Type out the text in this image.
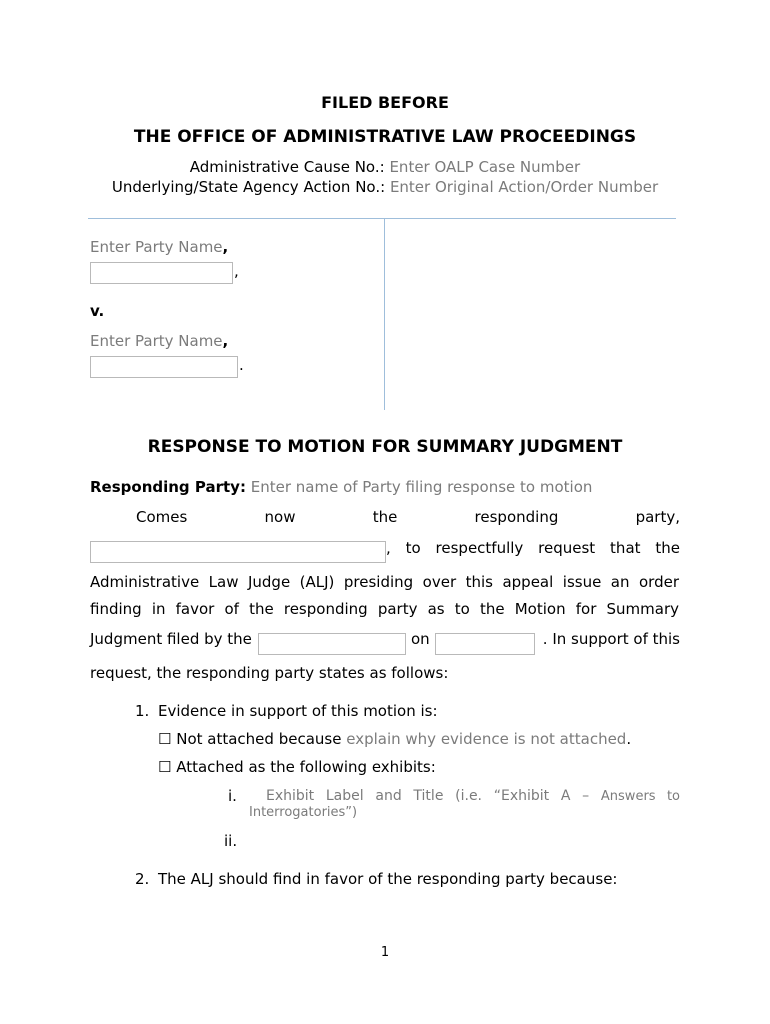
FILED BEFORE
THE OFFICE OF ADMINISTRATIVE LAW PROCEEDINGS
Administrative Cause No.: Enter OALP Case Number
Underlying/State Agency Action No.: Enter Original Action/Order Number
Enter Party Name,
,
v.
Enter Party Name,
.
RESPONSE TO MOTION FOR SUMMARY JUDGMENT
Responding Party: Enter name of Party filing response to motion
Comes	now	the	responding	party,
, to respectfully request that the
Administrative Law Judge (ALJ) presiding over this appeal issue an order
finding in favor of the responding party as to the Motion for Summary
Judgment filed by the	on	. In support of this
request, the responding party states as follows:
1. Evidence in support of this motion is:
☐ Not attached because explain why evidence is not attached.
☐ Attached as the following exhibits:
i. Exhibit Label and Title (i.e. “Exhibit A – Answers to
Interrogatories”)
ii.
2. The ALJ should find in favor of the responding party because:
1
